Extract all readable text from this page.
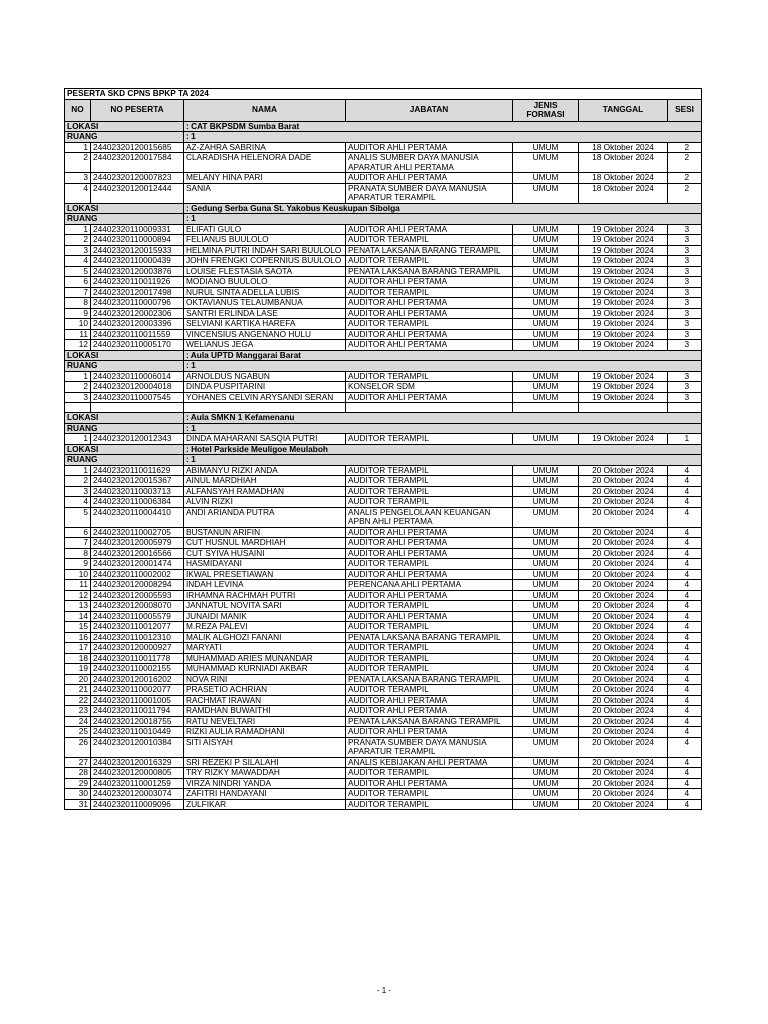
PESERTA SKD CPNS BPKP TA 2024						
NO	NO PESERTA	NAMA	JABATAN	JENIS FORMASI	TANGGAL	SESI
LOKASI		: CAT BKPSDM Sumba Barat				
RUANG		: 1				
1	24402320120015685	AZ-ZAHRA SABRINA	AUDITOR AHLI PERTAMA	UMUM	18 Oktober 2024	2
2	24402320120017584	CLARADISHA HELENORA DADE	ANALIS SUMBER DAYA MANUSIA APARATUR AHLI PERTAMA	UMUM	18 Oktober 2024	2
3	24402320120007823	MELANY HINA PARI	AUDITOR AHLI PERTAMA	UMUM	18 Oktober 2024	2
4	24402320120012444	SANIA	PRANATA SUMBER DAYA MANUSIA APARATUR TERAMPIL	UMUM	18 Oktober 2024	2
LOKASI		: Gedung Serba Guna St. Yakobus Keuskupan Sibolga				
RUANG		: 1				
1	24402320110009331	ELIFATI GULO	AUDITOR AHLI PERTAMA	UMUM	19 Oktober 2024	3
2	24402320110000894	FELIANUS BUULOLO	AUDITOR TERAMPIL	UMUM	19 Oktober 2024	3
3	24402320120015933	HELMINA PUTRI INDAH SARI BUULOLO	PENATA LAKSANA BARANG TERAMPIL	UMUM	19 Oktober 2024	3
4	24402320110000439	JOHN FRENGKI COPERNIUS BUULOLO	AUDITOR TERAMPIL	UMUM	19 Oktober 2024	3
5	24402320120003876	LOUISE FLESTASIA SAOTA	PENATA LAKSANA BARANG TERAMPIL	UMUM	19 Oktober 2024	3
6	24402320110011926	MODIANO BUULOLO	AUDITOR AHLI PERTAMA	UMUM	19 Oktober 2024	3
7	24402320120017498	NURUL SINTA ADELLA LUBIS	AUDITOR TERAMPIL	UMUM	19 Oktober 2024	3
8	24402320110000796	OKTAVIANUS TELAUMBANUA	AUDITOR AHLI PERTAMA	UMUM	19 Oktober 2024	3
9	24402320120002306	SANTRI ERLINDA LASE	AUDITOR AHLI PERTAMA	UMUM	19 Oktober 2024	3
10	24402320120003396	SELVIANI KARTIKA HAREFA	AUDITOR TERAMPIL	UMUM	19 Oktober 2024	3
11	24402320110011559	VINCENSIUS ANGENANO HULU	AUDITOR AHLI PERTAMA	UMUM	19 Oktober 2024	3
12	24402320110005170	WELIANUS JEGA	AUDITOR AHLI PERTAMA	UMUM	19 Oktober 2024	3
LOKASI		: Aula UPTD Manggarai Barat				
RUANG		: 1				
1	24402320110006014	ARNOLDUS NGABUN	AUDITOR TERAMPIL	UMUM	19 Oktober 2024	3
2	24402320120004018	DINDA PUSPITARINI	KONSELOR SDM	UMUM	19 Oktober 2024	3
3	24402320110007545	YOHANES CELVIN ARYSANDI SERAN	AUDITOR AHLI PERTAMA	UMUM	19 Oktober 2024	3

LOKASI		: Aula SMKN 1 Kefamenanu				
RUANG		: 1				
1	24402320120012343	DINDA MAHARANI SASQIA PUTRI	AUDITOR TERAMPIL	UMUM	19 Oktober 2024	1
LOKASI		: Hotel Parkside Meuligoe Meulaboh				
RUANG		: 1				
1	24402320110011629	ABIMANYU RIZKI ANDA	AUDITOR TERAMPIL	UMUM	20 Oktober 2024	4
2	24402320120015367	AINUL MARDHIAH	AUDITOR TERAMPIL	UMUM	20 Oktober 2024	4
3	24402320110003713	ALFANSYAH RAMADHAN	AUDITOR TERAMPIL	UMUM	20 Oktober 2024	4
4	24402320110006384	ALVIN RIZKI	AUDITOR TERAMPIL	UMUM	20 Oktober 2024	4
5	24402320110004410	ANDI ARIANDA PUTRA	ANALIS PENGELOLAAN KEUANGAN APBN AHLI PERTAMA	UMUM	20 Oktober 2024	4
6	24402320110002705	BUSTANUN ARIFIN	AUDITOR AHLI PERTAMA	UMUM	20 Oktober 2024	4
7	24402320120005979	CUT HUSNUL MARDHIAH	AUDITOR AHLI PERTAMA	UMUM	20 Oktober 2024	4
8	24402320120016566	CUT SYIVA HUSAINI	AUDITOR AHLI PERTAMA	UMUM	20 Oktober 2024	4
9	24402320120001474	HASMIDAYANI	AUDITOR TERAMPIL	UMUM	20 Oktober 2024	4
10	24402320110002002	IKWAL PRESETIAWAN	AUDITOR AHLI PERTAMA	UMUM	20 Oktober 2024	4
11	24402320120008294	INDAH LEVINA	PERENCANA AHLI PERTAMA	UMUM	20 Oktober 2024	4
12	24402320120005593	IRHAMNA RACHMAH PUTRI	AUDITOR AHLI PERTAMA	UMUM	20 Oktober 2024	4
13	24402320120008070	JANNATUL NOVITA SARI	AUDITOR TERAMPIL	UMUM	20 Oktober 2024	4
14	24402320110005579	JUNAIDI MANIK	AUDITOR AHLI PERTAMA	UMUM	20 Oktober 2024	4
15	24402320110012077	M.REZA PALEVI	AUDITOR TERAMPIL	UMUM	20 Oktober 2024	4
16	24402320110012310	MALIK ALGHOZI FANANI	PENATA LAKSANA BARANG TERAMPIL	UMUM	20 Oktober 2024	4
17	24402320120000927	MARYATI	AUDITOR TERAMPIL	UMUM	20 Oktober 2024	4
18	24402320110011778	MUHAMMAD ARIES MUNANDAR	AUDITOR TERAMPIL	UMUM	20 Oktober 2024	4
19	24402320110002155	MUHAMMAD KURNIADI AKBAR	AUDITOR TERAMPIL	UMUM	20 Oktober 2024	4
20	24402320120016202	NOVA RINI	PENATA LAKSANA BARANG TERAMPIL	UMUM	20 Oktober 2024	4
21	24402320110002077	PRASETIO ACHRIAN	AUDITOR TERAMPIL	UMUM	20 Oktober 2024	4
22	24402320110001005	RACHMAT IRAWAN	AUDITOR AHLI PERTAMA	UMUM	20 Oktober 2024	4
23	24402320110011794	RAMDHAN BUWAITHI	AUDITOR AHLI PERTAMA	UMUM	20 Oktober 2024	4
24	24402320120018755	RATU NEVELTARI	PENATA LAKSANA BARANG TERAMPIL	UMUM	20 Oktober 2024	4
25	24402320110010449	RIZKI AULIA RAMADHANI	AUDITOR AHLI PERTAMA	UMUM	20 Oktober 2024	4
26	24402320120010384	SITI AISYAH	PRANATA SUMBER DAYA MANUSIA APARATUR TERAMPIL	UMUM	20 Oktober 2024	4
27	24402320120016329	SRI REZEKI P SILALAHI	ANALIS KEBIJAKAN AHLI PERTAMA	UMUM	20 Oktober 2024	4
28	24402320120000805	TRY RIZKY MAWADDAH	AUDITOR TERAMPIL	UMUM	20 Oktober 2024	4
29	24402320110001259	VIRZA NINDRI YANDA	AUDITOR AHLI PERTAMA	UMUM	20 Oktober 2024	4
30	24402320120003074	ZAFITRI HANDAYANI	AUDITOR TERAMPIL	UMUM	20 Oktober 2024	4
31	24402320110009096	ZULFIKAR	AUDITOR TERAMPIL	UMUM	20 Oktober 2024	4
- 1 -
